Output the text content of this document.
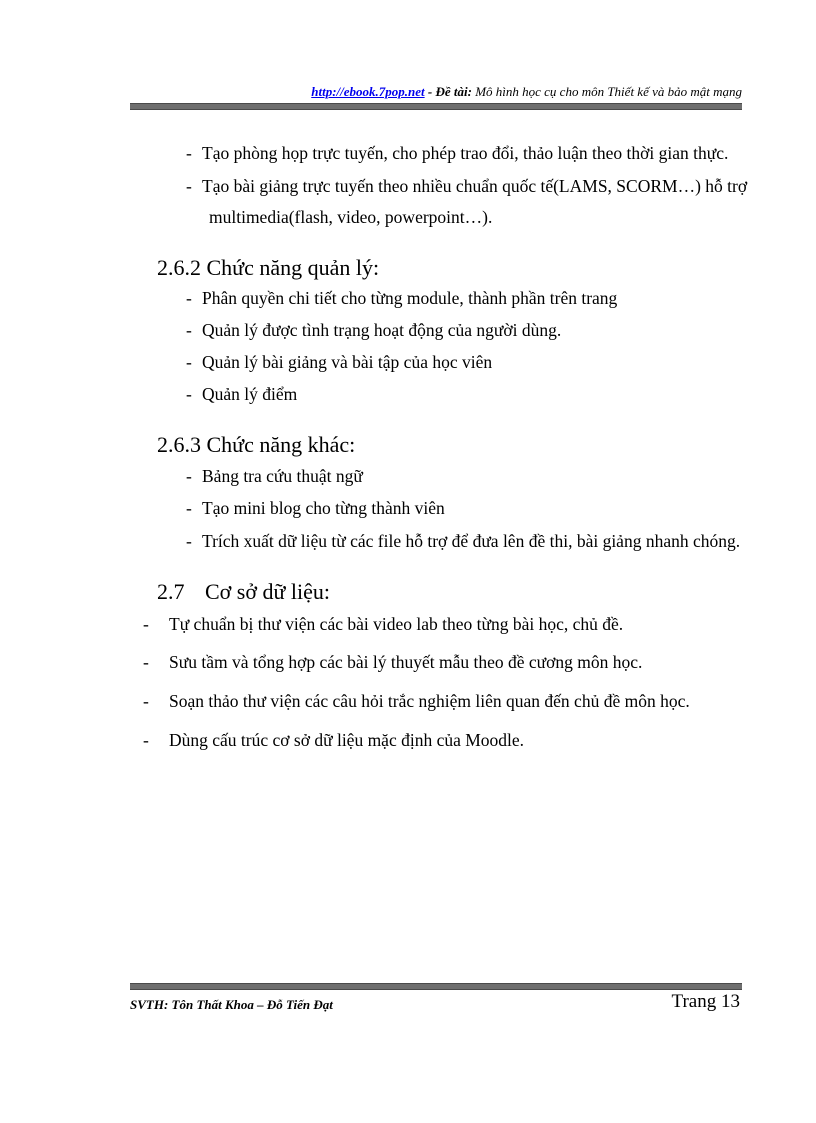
http://ebook.7pop.net - Đề tài: Mô hình học cụ cho môn Thiết kế và bảo mật mạng
- Tạo phòng họp trực tuyến, cho phép trao đổi, thảo luận theo thời gian thực.
- Tạo bài giảng trực tuyến theo nhiều chuẩn quốc tế(LAMS, SCORM…) hỗ trợ
multimedia(flash, video, powerpoint…).
2.6.2 Chức năng quản lý:
- Phân quyền chi tiết cho từng module, thành phần trên trang
- Quản lý được tình trạng hoạt động của người dùng.
- Quản lý bài giảng và bài tập của học viên
- Quản lý điểm
2.6.3 Chức năng khác:
- Bảng tra cứu thuật ngữ
- Tạo mini blog cho từng thành viên
- Trích xuất dữ liệu từ các file hỗ trợ để đưa lên đề thi, bài giảng nhanh chóng.
2.7 Cơ sở dữ liệu:
- Tự chuẩn bị thư viện các bài video lab theo từng bài học, chủ đề.
- Sưu tầm và tổng hợp các bài lý thuyết mẫu theo đề cương môn học.
- Soạn thảo thư viện các câu hỏi trắc nghiệm liên quan đến chủ đề môn học.
- Dùng cấu trúc cơ sở dữ liệu mặc định của Moodle.
SVTH: Tôn Thất Khoa – Đỗ Tiến Đạt	Trang 13
